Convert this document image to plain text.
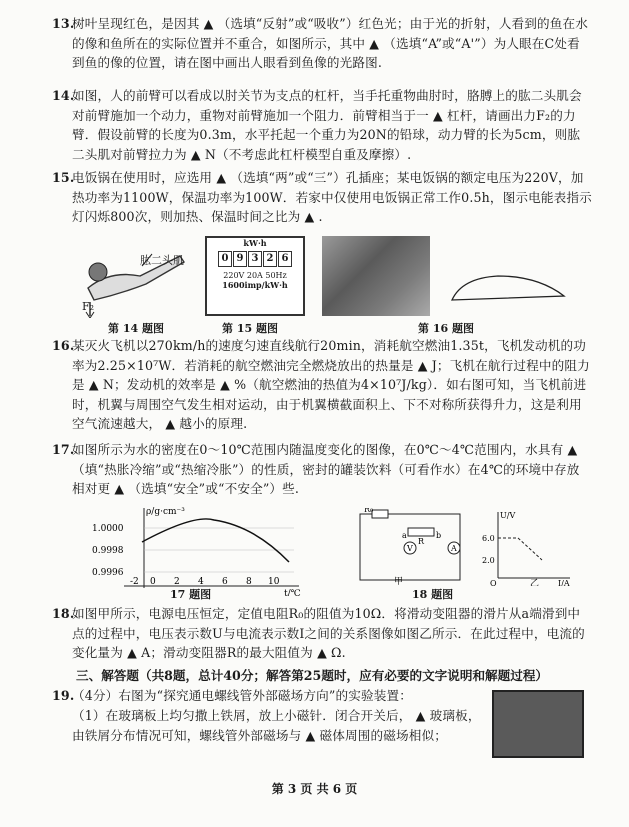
13.
树叶呈现红色，是因其 ▲ （选填“反射”或“吸收”）红色光；由于光的折射，人看到的鱼在水的像和鱼所在的实际位置并不重合，如图所示，其中 ▲ （选填“A”或“A'”）为人眼在C处看到鱼的像的位置，请在图中画出人眼看到鱼像的光路图.
14.
如图，人的前臂可以看成以肘关节为支点的杠杆，当手托重物曲肘时，胳膊上的肱二头肌会对前臂施加一个动力，重物对前臂施加一个阻力．前臂相当于一 ▲ 杠杆，请画出力F₂的力臂．假设前臂的长度为0.3m，水平托起一个重力为20N的铅球，动力臂的长为5cm，则肱二头肌对前臂拉力为 ▲ N（不考虑此杠杆模型自重及摩擦）.
15.
电饭锅在使用时，应选用 ▲ （选填“两”或“三”）孔插座；某电饭锅的额定电压为220V，加热功率为1100W，保温功率为100W．若家中仅使用电饭锅正常工作0.5h，图示电能表指示灯闪烁800次，则加热、保温时间之比为 ▲ .
肱二头肌
F₂
第 14 题图
kW·h
0 9 3 2 6
220V 20A 50Hz
1600imp/kW·h
第 15 题图	第 16 题图
16.
某灭火飞机以270km/h的速度匀速直线航行20min，消耗航空燃油1.35t，飞机发动机的功率为2.25×10⁷W．若消耗的航空燃油完全燃烧放出的热量是 ▲ J；飞机在航行过程中的阻力是 ▲ N；发动机的效率是 ▲ %（航空燃油的热值为4×10⁷J/kg）．如右图可知，当飞机前进时，机翼与周围空气发生相对运动，由于机翼横截面积上、下不对称所获得升力，这是利用空气流速越大， ▲ 越小的原理.
17.
如图所示为水的密度在0～10℃范围内随温度变化的图像，在0℃～4℃范围内，水具有 ▲ （填“热胀冷缩”或“热缩冷胀”）的性质，密封的罐装饮料（可看作水）在4℃的环境中存放相对更 ▲ （选填“安全”或“不安全”）些.
ρ/g·cm⁻³
1.0000
0.9998
0.9996
-2 0 2 4 6 8 10
t/℃
17 题图
R₀
a
R
b
V	A
甲
U/V
6.0
2.0
O	乙 I/A
18 题图
18.
如图甲所示，电源电压恒定，定值电阻R₀的阻值为10Ω．将滑动变阻器的滑片从a端滑到中点的过程中，电压表示数U与电流表示数I之间的关系图像如图乙所示．在此过程中，电流的变化量为 ▲ A；滑动变阻器R的最大阻值为 ▲ Ω.
三、解答题（共8题，总计40分；解答第25题时，应有必要的文字说明和解题过程）
19.
（4分）右图为“探究通电螺线管外部磁场方向”的实验装置：
（1）在玻璃板上均匀撒上铁屑，放上小磁针．闭合开关后， ▲ 玻璃板，由铁屑分布情况可知，螺线管外部磁场与 ▲ 磁体周围的磁场相似；
第 3 页 共 6 页
